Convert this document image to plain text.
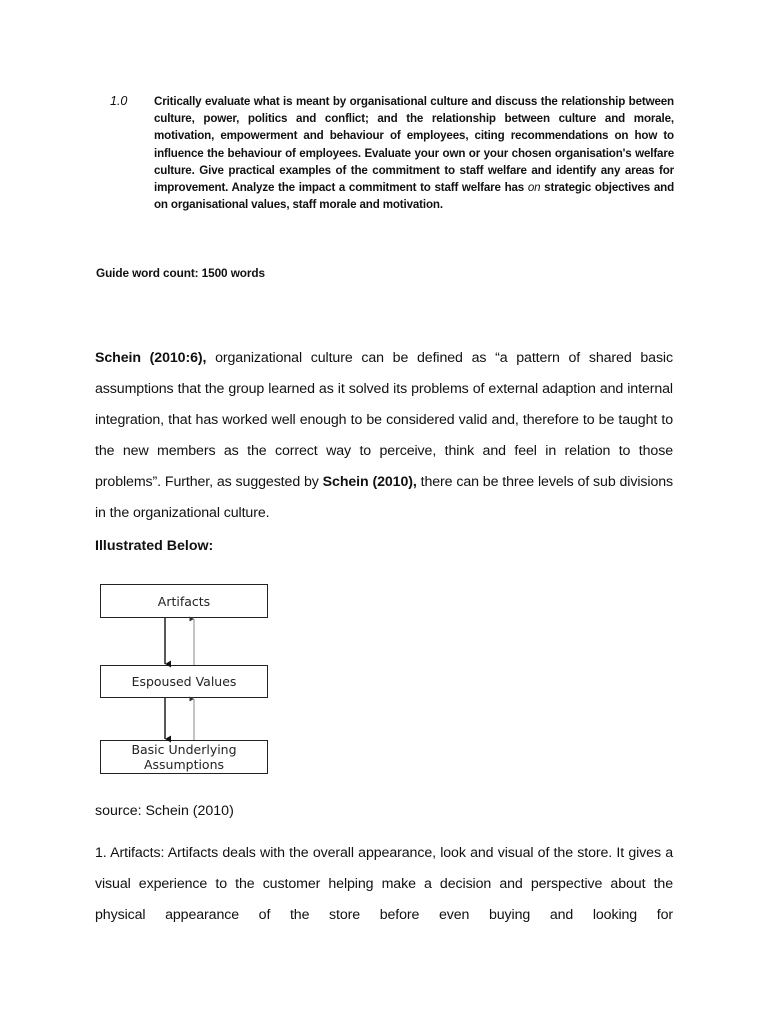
1.0 Critically evaluate what is meant by organisational culture and discuss the relationship between culture, power, politics and conflict; and the relationship between culture and morale, motivation, empowerment and behaviour of employees, citing recommendations on how to influence the behaviour of employees. Evaluate your own or your chosen organisation's welfare culture. Give practical examples of the commitment to staff welfare and identify any areas for improvement. Analyze the impact a commitment to staff welfare has on strategic objectives and on organisational values, staff morale and motivation.

Guide word count: 1500 words

Schein (2010:6), organizational culture can be defined as “a pattern of shared basic assumptions that the group learned as it solved its problems of external adaption and internal integration, that has worked well enough to be considered valid and, therefore to be taught to the new members as the correct way to perceive, think and feel in relation to those problems”. Further, as suggested by Schein (2010), there can be three levels of sub divisions in the organizational culture.

Illustrated Below:
Artifacts
Espoused Values
Basic Underlying Assumptions
source: Schein (2010)

1. Artifacts: Artifacts deals with the overall appearance, look and visual of the store. It gives a visual experience to the customer helping make a decision and perspective about the physical appearance of the store before even buying and looking for
